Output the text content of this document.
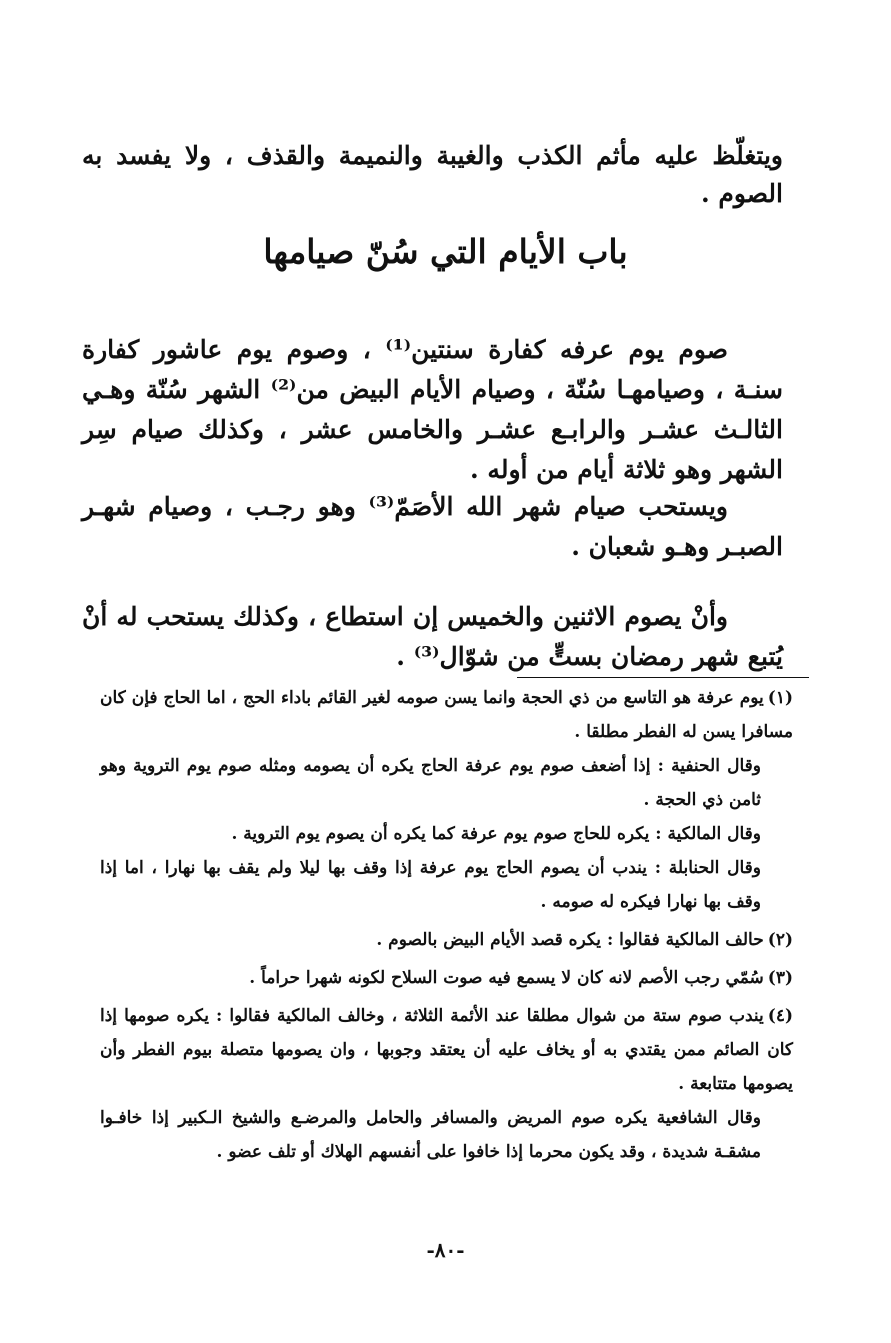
ويتغلّظ عليه مأثم الكذب والغيبة والنميمة والقذف ، ولا يفسد به الصوم .

باب الأيام التي سُنّ صيامها

صوم يوم عرفه كفارة سنتين⁽¹⁾ ، وصوم يوم عاشور كفارة سنـة ، وصيامهـا سُنّة ، وصيام الأيام البيض من⁽²⁾ الشهر سُنّة وهـي الثالـث عشـر والرابـع عشـر والخامس عشر ، وكذلك صيام سِر الشهر وهو ثلاثة أيام من أوله .

ويستحب صيام شهر الله الأصَمّ⁽³⁾ وهو رجـب ، وصيام شهـر الصبـر وهـو شعبان .

وأنْ يصوم الاثنين والخميس إن استطاع ، وكذلك يستحب له أنْ يُتبع شهر رمضان بستٍّ من شوّال⁽³⁾ .

(١)يوم عرفة هو التاسع من ذي الحجة وانما يسن صومه لغير القائم باداء الحج ، اما الحاج فإن كان مسافرا يسن له الفطر مطلقا .

وقال الحنفية : إذا أضعف صوم يوم عرفة الحاج يكره أن يصومه ومثله صوم يوم التروية وهو ثامن ذي الحجة .

وقال المالكية : يكره للحاج صوم يوم عرفة كما يكره أن يصوم يوم التروية .

وقال الحنابلة : يندب أن يصوم الحاج يوم عرفة إذا وقف بها ليلا ولم يقف بها نهارا ، اما إذا وقف بها نهارا فيكره له صومه .

(٢)حالف المالكية فقالوا : يكره قصد الأيام البيض بالصوم .

(٣)سُمّي رجب الأصم لانه كان لا يسمع فيه صوت السلاح لكونه شهرا حراماً .

(٤)يندب صوم ستة من شوال مطلقا عند الأئمة الثلاثة ، وخالف المالكية فقالوا : يكره صومها إذا كان الصائم ممن يقتدي به أو يخاف عليه أن يعتقد وجوبها ، وان يصومها متصلة بيوم الفطر وأن يصومها متتابعة .

وقال الشافعية يكره صوم المريض والمسافر والحامل والمرضـع والشيخ الـكبير إذا خافـوا مشقـة شديدة ، وقد يكون محرما إذا خافوا على أنفسهم الهلاك أو تلف عضو .

-٨٠-
